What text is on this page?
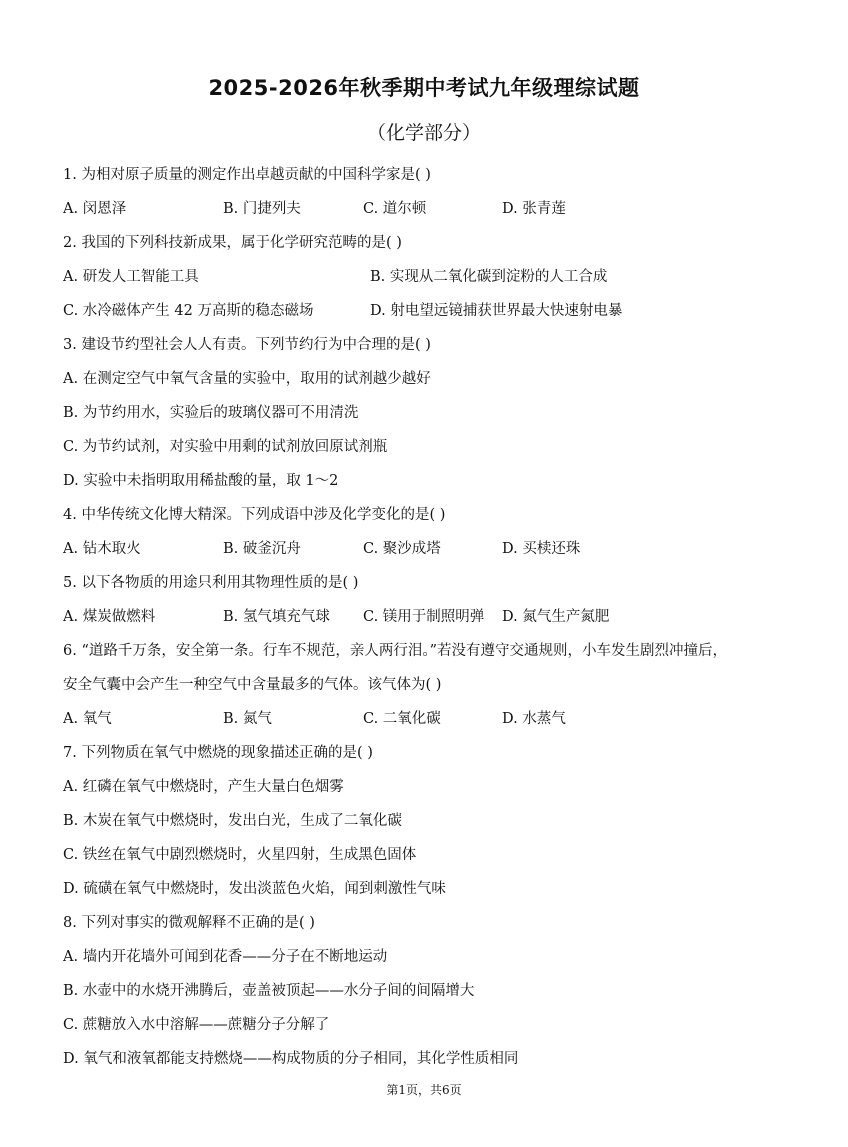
2025-2026年秋季期中考试九年级理综试题
（化学部分）
1. 为相对原子质量的测定作出卓越贡献的中国科学家是( )
A. 闵恩泽	B. 门捷列夫	C. 道尔顿	D. 张青莲
2. 我国的下列科技新成果，属于化学研究范畴的是( )
A. 研发人工智能工具	B. 实现从二氧化碳到淀粉的人工合成
C. 水冷磁体产生 42 万高斯的稳态磁场	D. 射电望远镜捕获世界最大快速射电暴
3. 建设节约型社会人人有责。下列节约行为中合理的是( )
A. 在测定空气中氧气含量的实验中，取用的试剂越少越好
B. 为节约用水，实验后的玻璃仪器可不用清洗
C. 为节约试剂，对实验中用剩的试剂放回原试剂瓶
D. 实验中未指明取用稀盐酸的量，取 1～2
4. 中华传统文化博大精深。下列成语中涉及化学变化的是( )
A. 钻木取火	B. 破釜沉舟	C. 聚沙成塔	D. 买椟还珠
5. 以下各物质的用途只利用其物理性质的是( )
A. 煤炭做燃料	B. 氢气填充气球	C. 镁用于制照明弹	D. 氮气生产氮肥
6. “道路千万条，安全第一条。行车不规范，亲人两行泪。”若没有遵守交通规则，小车发生剧烈冲撞后，
安全气囊中会产生一种空气中含量最多的气体。该气体为( )
A. 氧气	B. 氮气	C. 二氧化碳	D. 水蒸气
7. 下列物质在氧气中燃烧的现象描述正确的是( )
A. 红磷在氧气中燃烧时，产生大量白色烟雾
B. 木炭在氧气中燃烧时，发出白光，生成了二氧化碳
C. 铁丝在氧气中剧烈燃烧时，火星四射，生成黑色固体
D. 硫磺在氧气中燃烧时，发出淡蓝色火焰，闻到刺激性气味
8. 下列对事实的微观解释不正确的是( )
A. 墙内开花墙外可闻到花香——分子在不断地运动
B. 水壶中的水烧开沸腾后，壶盖被顶起——水分子间的间隔增大
C. 蔗糖放入水中溶解——蔗糖分子分解了
D. 氧气和液氧都能支持燃烧——构成物质的分子相同，其化学性质相同
第1页，共6页
